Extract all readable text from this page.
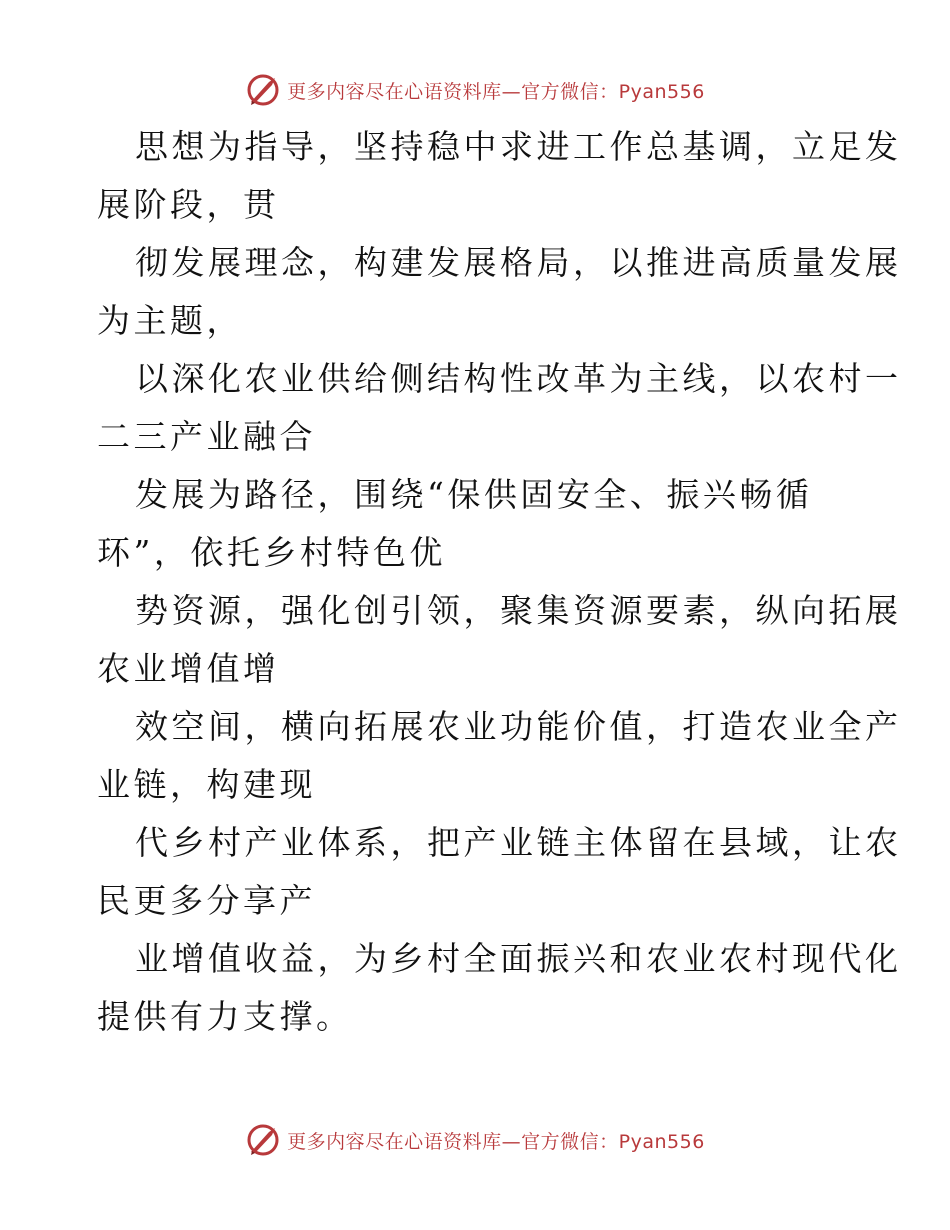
更多内容尽在心语资料库—官方微信：Pyan556

思想为指导，坚持稳中求进工作总基调，立足发
展阶段，贯

彻发展理念，构建发展格局，以推进高质量发展
为主题，

以深化农业供给侧结构性改革为主线，以农村一
二三产业融合

发展为路径，围绕“保供固安全、振兴畅循
环”，依托乡村特色优

势资源，强化创引领，聚集资源要素，纵向拓展
农业增值增

效空间，横向拓展农业功能价值，打造农业全产
业链，构建现

代乡村产业体系，把产业链主体留在县域，让农
民更多分享产

业增值收益，为乡村全面振兴和农业农村现代化
提供有力支撑。

更多内容尽在心语资料库—官方微信：Pyan556
